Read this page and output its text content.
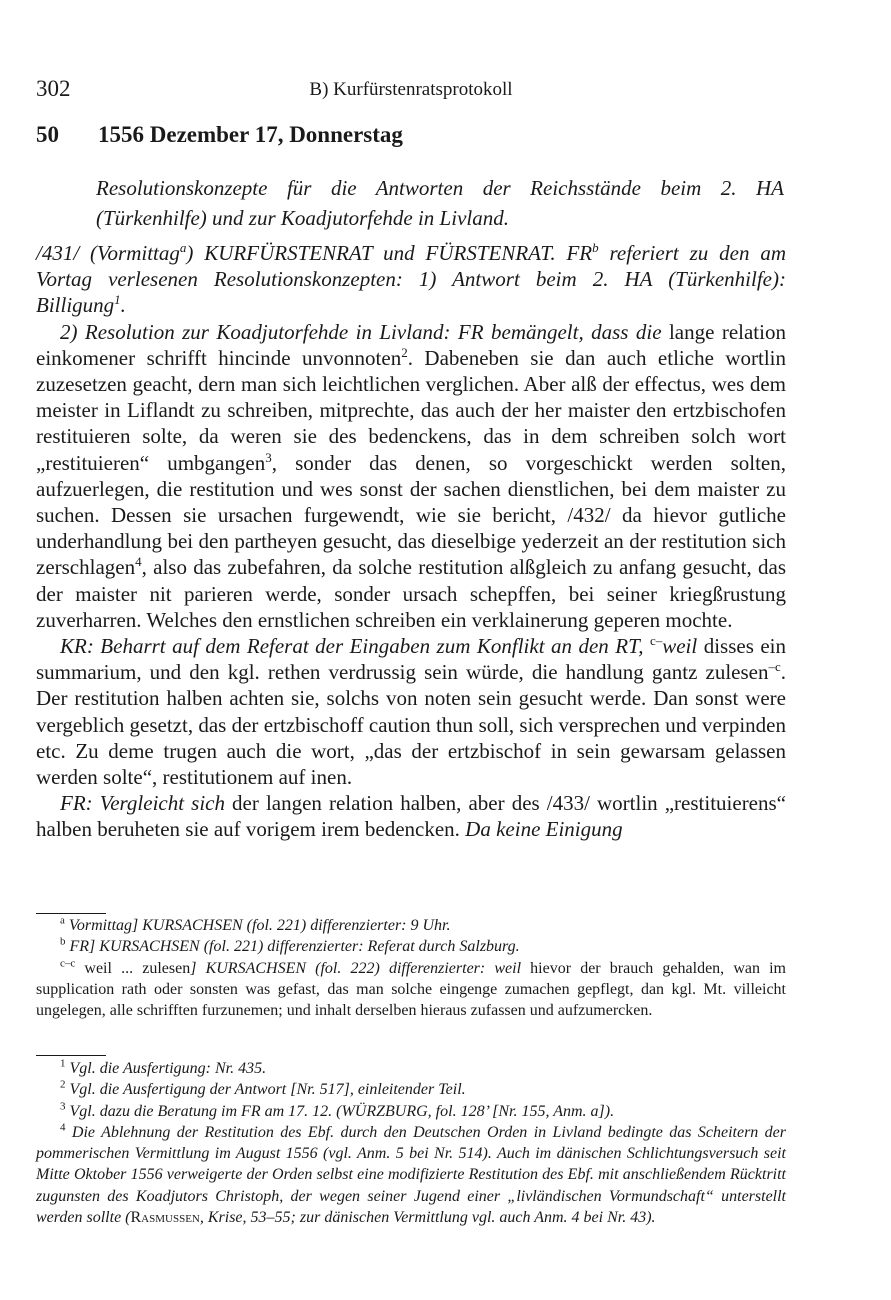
302	B) Kurfürstenratsprotokoll
50 1556 Dezember 17, Donnerstag
Resolutionskonzepte für die Antworten der Reichsstände beim 2. HA (Türkenhilfe) und zur Koadjutorfehde in Livland.

/431/ (Vormittag$^a$) KURFÜRSTENRAT und FÜRSTENRAT. $FR^b$ referiert zu den am Vortag verlesenen Resolutionskonzepten: 1) Antwort beim 2. HA (Türkenhilfe): Billigung$^1$.

2) Resolution zur Koadjutorfehde in Livland: FR bemängelt, dass die lange relation einkomener schrifft hincinde unvonnoten$^2$. Dabeneben sie dan auch etliche wortlin zuzesetzen geacht, dern man sich leichtlichen verglichen. Aber alß der effectus, wes dem meister in Liflandt zu schreiben, mitprechte, das auch der her maister den ertzbischofen restituieren solte, da weren sie des bedenckens, das in dem schreiben solch wort „restituieren“ umbgangen$^3$, sonder das denen, so vorgeschickt werden solten, aufzuerlegen, die restitution und wes sonst der sachen dienstlichen, bei dem maister zu suchen. Dessen sie ursachen furgewendt, wie sie bericht, /432/ da hievor gutliche underhandlung bei den partheyen gesucht, das dieselbige yederzeit an der restitution sich zerschlagen$^4$, also das zubefahren, da solche restitution alßgleich zu anfang gesucht, das der maister nit parieren werde, sonder ursach schepffen, bei seiner kriegßrustung zuverharren. Welches den ernstlichen schreiben ein verklainerung geperen mochte.

KR: Beharrt auf dem Referat der Eingaben zum Konflikt an den RT, $^{c-}$weil disses ein summarium, und den kgl. rethen verdrussig sein würde, die handlung gantz zulesen$^{-c}$. Der restitution halben achten sie, solchs von noten sein gesucht werde. Dan sonst were vergeblich gesetzt, das der ertzbischoff caution thun soll, sich versprechen und verpinden etc. Zu deme trugen auch die wort, „das der ertzbischof in sein gewarsam gelassen werden solte“, restitutionem auf inen.

FR: Vergleicht sich der langen relation halben, aber des /433/ wortlin „restituierens“ halben beruheten sie auf vorigem irem bedencken. Da keine Einigung

$^a$ Vormittag] KURSACHSEN (fol. 221) differenzierter: 9 Uhr.

$^b$ FR] KURSACHSEN (fol. 221) differenzierter: Referat durch Salzburg.

$^{c-c}$ weil ... zulesen] KURSACHSEN (fol. 222) differenzierter: weil hievor der brauch gehalden, wan im supplication rath oder sonsten was gefast, das man solche eingenge zumachen gepflegt, dan kgl. Mt. villeicht ungelegen, alle schrifften furzunemen; und inhalt derselben hieraus zufassen und aufzumercken.

$^1$ Vgl. die Ausfertigung: Nr. 435.

$^2$ Vgl. die Ausfertigung der Antwort [Nr. 517], einleitender Teil.

$^3$ Vgl. dazu die Beratung im FR am 17. 12. (WÜRZBURG, fol. 128’ [Nr. 155, Anm. a]).

$^4$ Die Ablehnung der Restitution des Ebf. durch den Deutschen Orden in Livland bedingte das Scheitern der pommerischen Vermittlung im August 1556 (vgl. Anm. 5 bei Nr. 514). Auch im dänischen Schlichtungsversuch seit Mitte Oktober 1556 verweigerte der Orden selbst eine modifizierte Restitution des Ebf. mit anschließendem Rücktritt zugunsten des Koadjutors Christoph, der wegen seiner Jugend einer „livländischen Vormundschaft“ unterstellt werden sollte (Rasmussen, Krise, 53–55; zur dänischen Vermittlung vgl. auch Anm. 4 bei Nr. 43).
